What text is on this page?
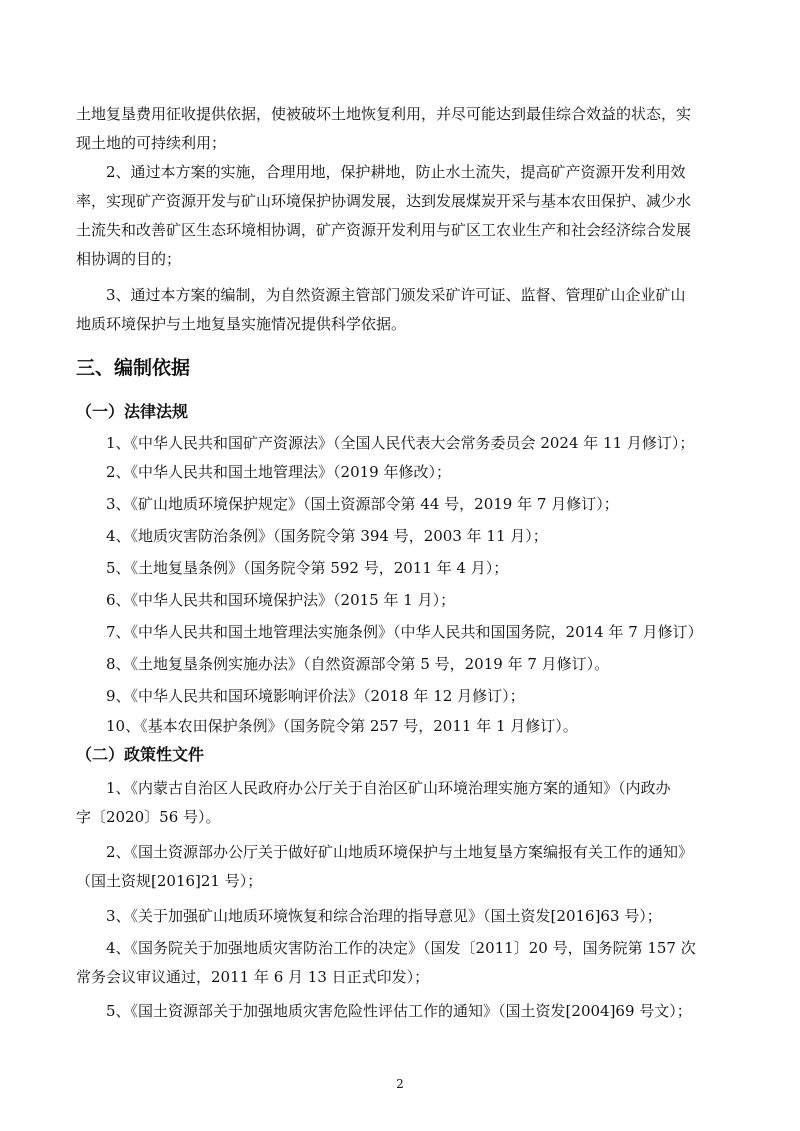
土地复垦费用征收提供依据，使被破坏土地恢复利用，并尽可能达到最佳综合效益的状态，实
现土地的可持续利用；
2、通过本方案的实施，合理用地，保护耕地，防止水土流失，提高矿产资源开发利用效
率，实现矿产资源开发与矿山环境保护协调发展，达到发展煤炭开采与基本农田保护、减少水
土流失和改善矿区生态环境相协调，矿产资源开发利用与矿区工农业生产和社会经济综合发展
相协调的目的；
3、通过本方案的编制，为自然资源主管部门颁发采矿许可证、监督、管理矿山企业矿山
地质环境保护与土地复垦实施情况提供科学依据。
三、编制依据
（一）法律法规
1、《中华人民共和国矿产资源法》（全国人民代表大会常务委员会 2024 年 11 月修订）；
2、《中华人民共和国土地管理法》（2019 年修改）；
3、《矿山地质环境保护规定》（国土资源部令第 44 号，2019 年 7 月修订）；
4、《地质灾害防治条例》（国务院令第 394 号，2003 年 11 月）；
5、《土地复垦条例》（国务院令第 592 号，2011 年 4 月）；
6、《中华人民共和国环境保护法》（2015 年 1 月）；
7、《中华人民共和国土地管理法实施条例》（中华人民共和国国务院，2014 年 7 月修订）
8、《土地复垦条例实施办法》（自然资源部令第 5 号，2019 年 7 月修订）。
9、《中华人民共和国环境影响评价法》（2018 年 12 月修订）；
10、《基本农田保护条例》（国务院令第 257 号，2011 年 1 月修订）。
（二）政策性文件
1、《内蒙古自治区人民政府办公厅关于自治区矿山环境治理实施方案的通知》（内政办
字〔2020〕56 号）。
2、《国土资源部办公厅关于做好矿山地质环境保护与土地复垦方案编报有关工作的通知》
（国土资规[2016]21 号）；
3、《关于加强矿山地质环境恢复和综合治理的指导意见》（国土资发[2016]63 号）；
4、《国务院关于加强地质灾害防治工作的决定》（国发〔2011〕20 号，国务院第 157 次
常务会议审议通过，2011 年 6 月 13 日正式印发）；
5、《国土资源部关于加强地质灾害危险性评估工作的通知》（国土资发[2004]69 号文）；
2
